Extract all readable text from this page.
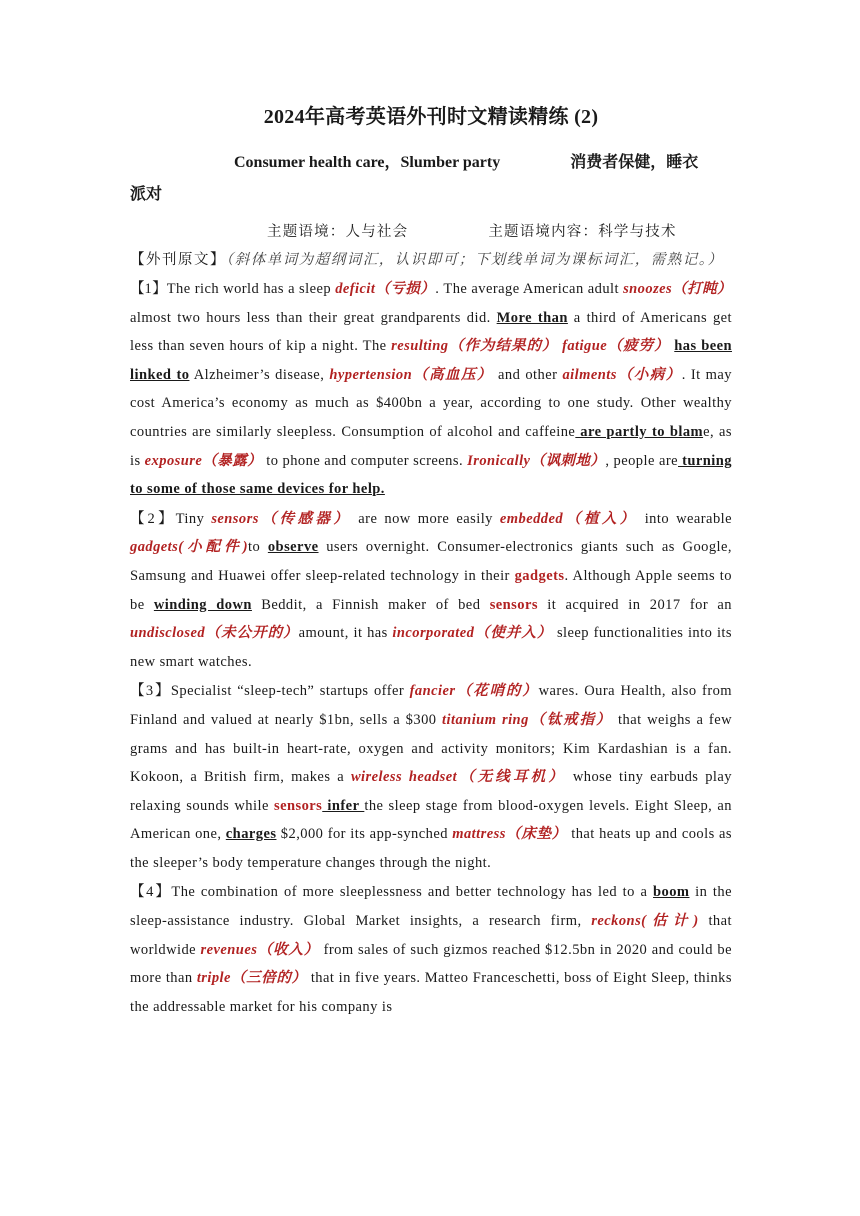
2024年高考英语外刊时文精读精练 (2)

Consumer health care，Slumber party	消费者保健，睡衣
派对

主题语境：人与社会	主题语境内容：科学与技术

【外刊原文】（斜体单词为超纲词汇，认识即可；下划线单词为课标词汇，需熟记。）

【1】The rich world has a sleep deficit（亏损）. The average American adult snoozes（打盹） almost two hours less than their great grandparents did. More than a third of Americans get less than seven hours of kip a night. The resulting（作为结果的） fatigue（疲劳） has been linked to Alzheimer’s disease, hypertension（高血压） and other ailments（小病）. It may cost America’s economy as much as $400bn a year, according to one study. Other wealthy countries are similarly sleepless. Consumption of alcohol and caffeine are partly to blame, as is exposure（暴露） to phone and computer screens. Ironically（讽刺地）, people are turning to some of those same devices for help.

【2】Tiny sensors（传感器） are now more easily embedded（植入） into wearable gadgets(小配件)to observe users overnight. Consumer-electronics giants such as Google, Samsung and Huawei offer sleep-related technology in their gadgets. Although Apple seems to be winding down Beddit, a Finnish maker of bed sensors it acquired in 2017 for an undisclosed（未公开的）amount, it has incorporated（使并入） sleep functionalities into its new smart watches.

【3】Specialist “sleep-tech” startups offer fancier（花哨的）wares. Oura Health, also from Finland and valued at nearly $1bn, sells a $300 titanium ring（钛戒指） that weighs a few grams and has built-in heart-rate, oxygen and activity monitors; Kim Kardashian is a fan. Kokoon, a British firm, makes a wireless headset（无线耳机） whose tiny earbuds play relaxing sounds while sensors infer the sleep stage from blood-oxygen levels. Eight Sleep, an American one, charges $2,000 for its app-synched mattress（床垫） that heats up and cools as the sleeper’s body temperature changes through the night.

【4】The combination of more sleeplessness and better technology has led to a boom in the sleep-assistance industry. Global Market insights, a research firm, reckons(估计) that worldwide revenues（收入） from sales of such gizmos reached $12.5bn in 2020 and could be more than triple（三倍的） that in five years. Matteo Franceschetti, boss of Eight Sleep, thinks the addressable market for his company is
